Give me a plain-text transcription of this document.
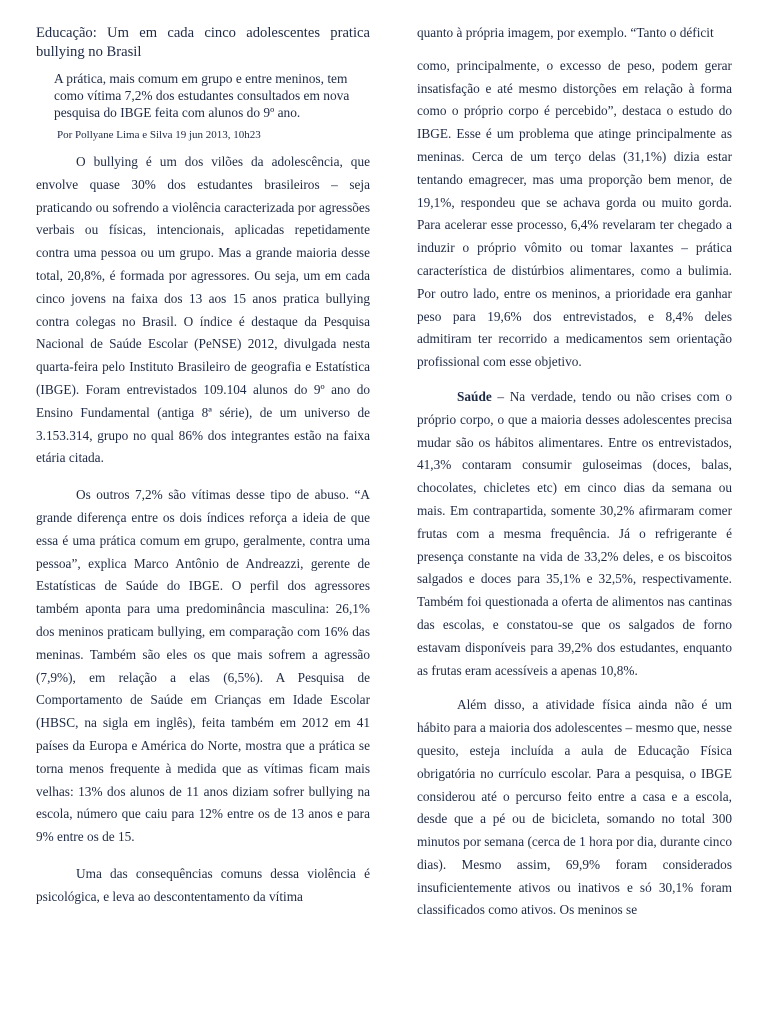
Educação: Um em cada cinco adolescentes pratica bullying no Brasil

A prática, mais comum em grupo e entre meninos, tem como vítima 7,2% dos estudantes consultados em nova pesquisa do IBGE feita com alunos do 9º ano.

Por Pollyane Lima e Silva 19 jun 2013, 10h23

O bullying é um dos vilões da adolescência, que envolve quase 30% dos estudantes brasileiros – seja praticando ou sofrendo a violência caracterizada por agressões verbais ou físicas, intencionais, aplicadas repetidamente contra uma pessoa ou um grupo. Mas a grande maioria desse total, 20,8%, é formada por agressores. Ou seja, um em cada cinco jovens na faixa dos 13 aos 15 anos pratica bullying contra colegas no Brasil. O índice é destaque da Pesquisa Nacional de Saúde Escolar (PeNSE) 2012, divulgada nesta quarta-feira pelo Instituto Brasileiro de geografia e Estatística (IBGE). Foram entrevistados 109.104 alunos do 9º ano do Ensino Fundamental (antiga 8ª série), de um universo de 3.153.314, grupo no qual 86% dos integrantes estão na faixa etária citada.

Os outros 7,2% são vítimas desse tipo de abuso. “A grande diferença entre os dois índices reforça a ideia de que essa é uma prática comum em grupo, geralmente, contra uma pessoa”, explica Marco Antônio de Andreazzi, gerente de Estatísticas de Saúde do IBGE. O perfil dos agressores também aponta para uma predominância masculina: 26,1% dos meninos praticam bullying, em comparação com 16% das meninas. Também são eles os que mais sofrem a agressão (7,9%), em relação a elas (6,5%). A Pesquisa de Comportamento de Saúde em Crianças em Idade Escolar (HBSC, na sigla em inglês), feita também em 2012 em 41 países da Europa e América do Norte, mostra que a prática se torna menos frequente à medida que as vítimas ficam mais velhas: 13% dos alunos de 11 anos diziam sofrer bullying na escola, número que caiu para 12% entre os de 13 anos e para 9% entre os de 15.

Uma das consequências comuns dessa violência é psicológica, e leva ao descontentamento da vítima

quanto à própria imagem, por exemplo. “Tanto o déficit

como, principalmente, o excesso de peso, podem gerar insatisfação e até mesmo distorções em relação à forma como o próprio corpo é percebido”, destaca o estudo do IBGE. Esse é um problema que atinge principalmente as meninas. Cerca de um terço delas (31,1%) dizia estar tentando emagrecer, mas uma proporção bem menor, de 19,1%, respondeu que se achava gorda ou muito gorda. Para acelerar esse processo, 6,4% revelaram ter chegado a induzir o próprio vômito ou tomar laxantes – prática característica de distúrbios alimentares, como a bulimia. Por outro lado, entre os meninos, a prioridade era ganhar peso para 19,6% dos entrevistados, e 8,4% deles admitiram ter recorrido a medicamentos sem orientação profissional com esse objetivo.

Saúde – Na verdade, tendo ou não crises com o próprio corpo, o que a maioria desses adolescentes precisa mudar são os hábitos alimentares. Entre os entrevistados, 41,3% contaram consumir guloseimas (doces, balas, chocolates, chicletes etc) em cinco dias da semana ou mais. Em contrapartida, somente 30,2% afirmaram comer frutas com a mesma frequência. Já o refrigerante é presença constante na vida de 33,2% deles, e os biscoitos salgados e doces para 35,1% e 32,5%, respectivamente. Também foi questionada a oferta de alimentos nas cantinas das escolas, e constatou-se que os salgados de forno estavam disponíveis para 39,2% dos estudantes, enquanto as frutas eram acessíveis a apenas 10,8%.

Além disso, a atividade física ainda não é um hábito para a maioria dos adolescentes – mesmo que, nesse quesito, esteja incluída a aula de Educação Física obrigatória no currículo escolar. Para a pesquisa, o IBGE considerou até o percurso feito entre a casa e a escola, desde que a pé ou de bicicleta, somando no total 300 minutos por semana (cerca de 1 hora por dia, durante cinco dias). Mesmo assim, 69,9% foram considerados insuficientemente ativos ou inativos e só 30,1% foram classificados como ativos. Os meninos se
